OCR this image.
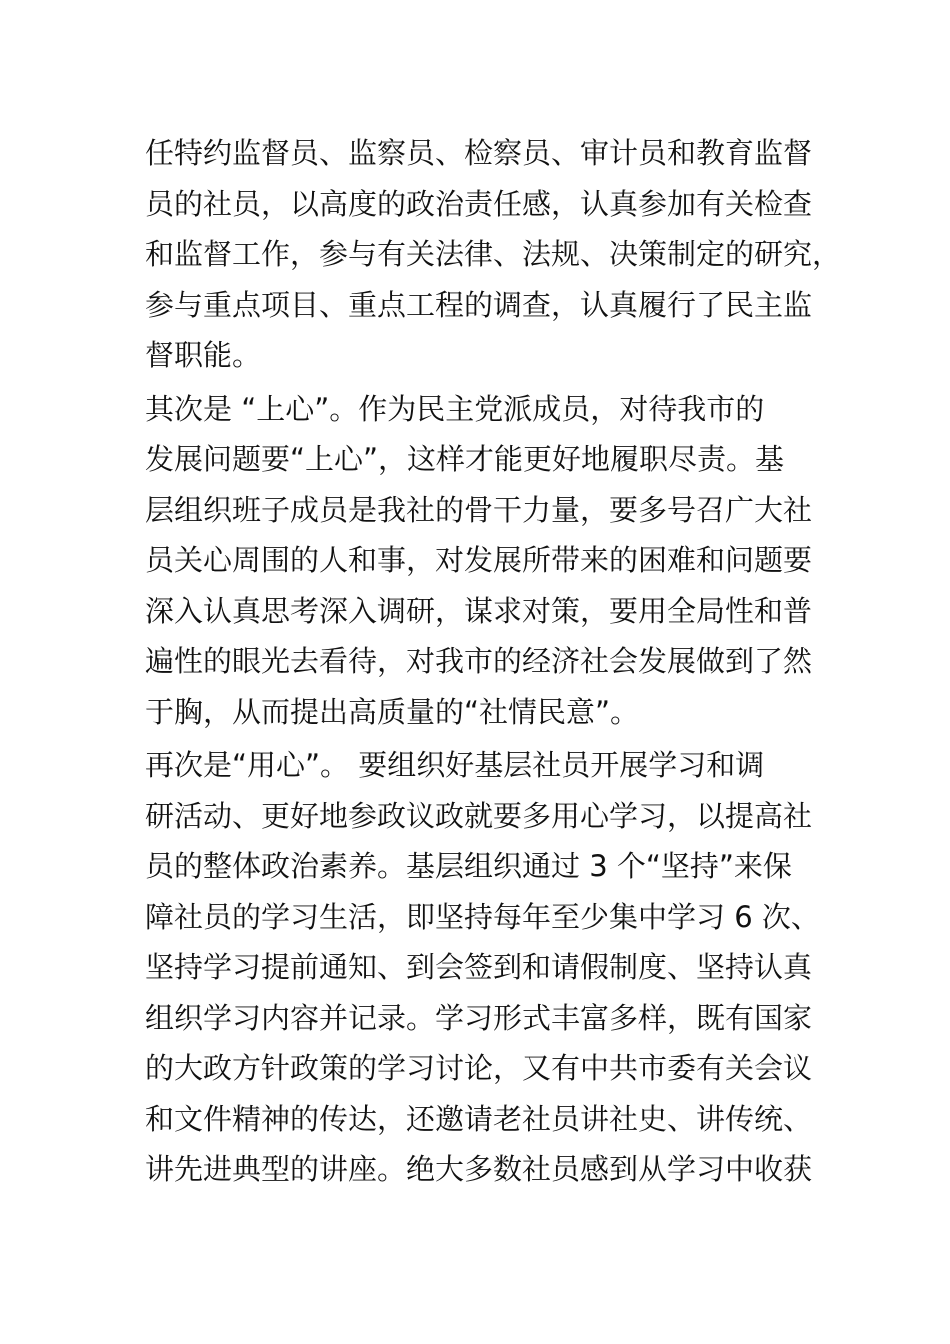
任特约监督员、监察员、检察员、审计员和教育监督
员的社员，以高度的政治责任感，认真参加有关检查
和监督工作，参与有关法律、法规、决策制定的研究，
参与重点项目、重点工程的调查，认真履行了民主监
督职能。
其次是 “上心”。作为民主党派成员，对待我市的
发展问题要“上心”，这样才能更好地履职尽责。基
层组织班子成员是我社的骨干力量，要多号召广大社
员关心周围的人和事，对发展所带来的困难和问题要
深入认真思考深入调研，谋求对策，要用全局性和普
遍性的眼光去看待，对我市的经济社会发展做到了然
于胸，从而提出高质量的“社情民意”。
再次是“用心”。 要组织好基层社员开展学习和调
研活动、更好地参政议政就要多用心学习，以提高社
员的整体政治素养。基层组织通过 3 个“坚持”来保
障社员的学习生活，即坚持每年至少集中学习 6 次、
坚持学习提前通知、到会签到和请假制度、坚持认真
组织学习内容并记录。学习形式丰富多样，既有国家
的大政方针政策的学习讨论，又有中共市委有关会议
和文件精神的传达，还邀请老社员讲社史、讲传统、
讲先进典型的讲座。绝大多数社员感到从学习中收获
